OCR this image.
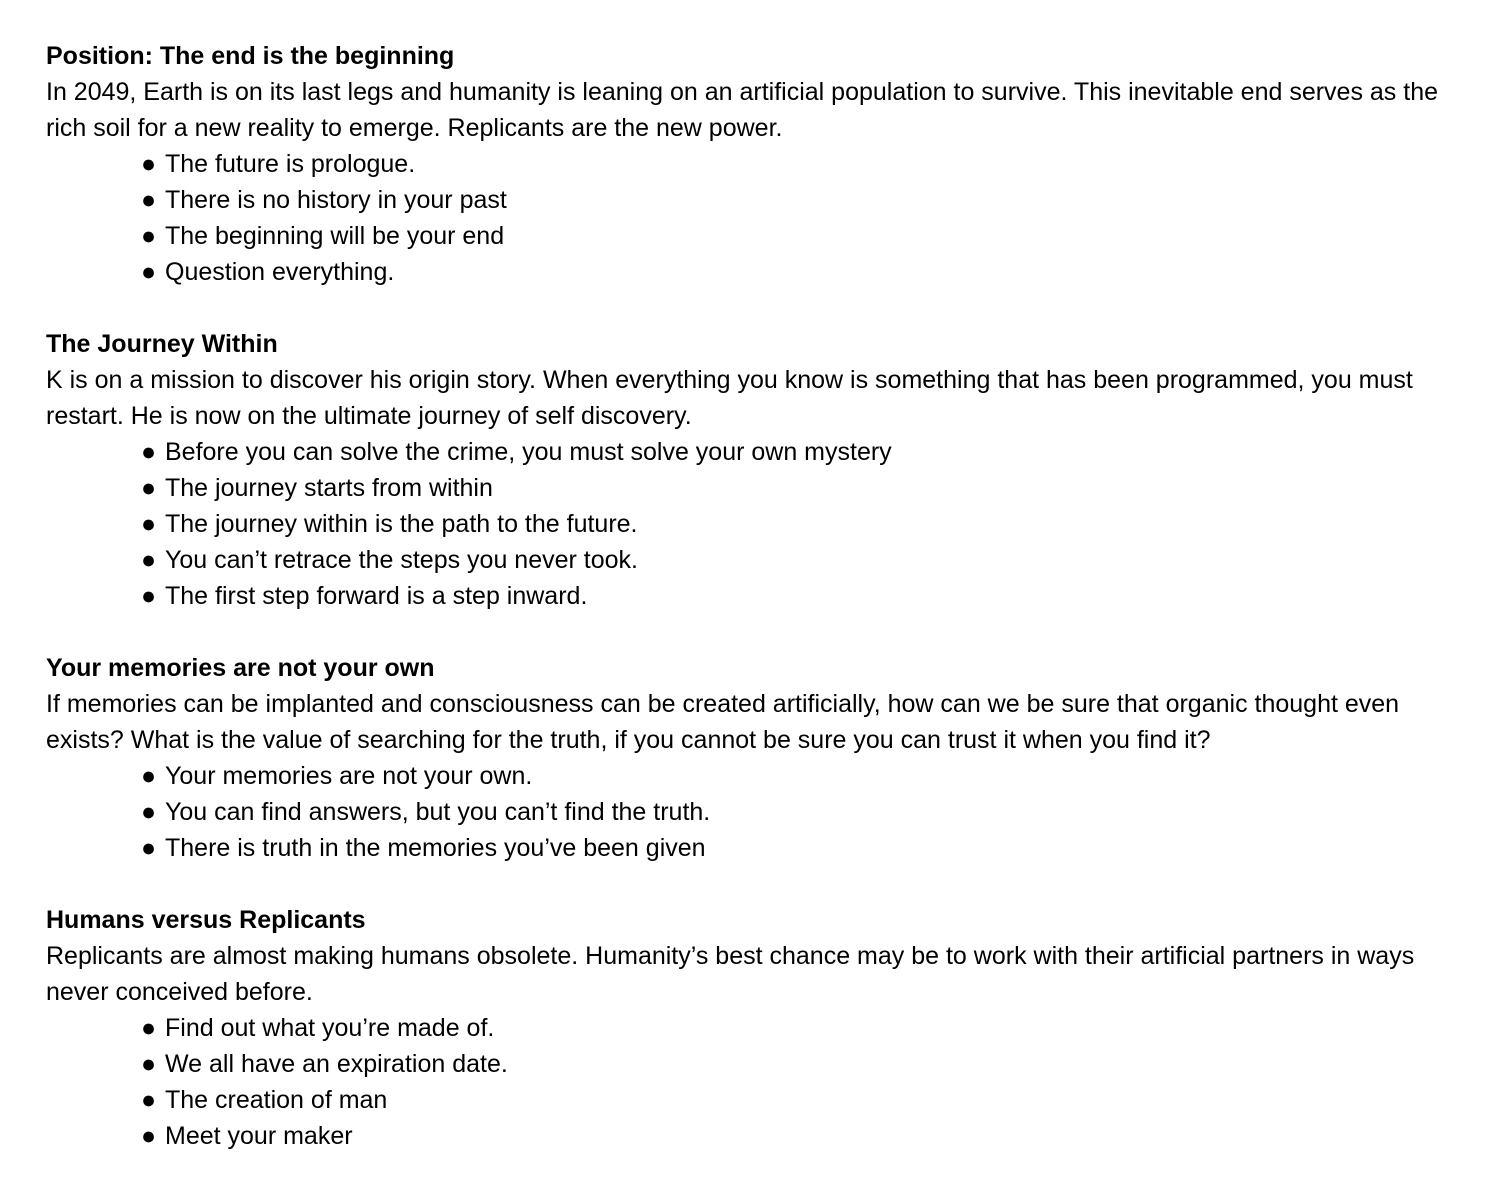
Position: The end is the beginning

In 2049, Earth is on its last legs and humanity is leaning on an artificial population to survive. This inevitable end serves as the rich soil for a new reality to emerge. Replicants are the new power.

● The future is prologue.
● There is no history in your past
● The beginning will be your end
● Question everything.

The Journey Within

K is on a mission to discover his origin story. When everything you know is something that has been programmed, you must restart. He is now on the ultimate journey of self discovery.

● Before you can solve the crime, you must solve your own mystery
● The journey starts from within
● The journey within is the path to the future.
● You can’t retrace the steps you never took.
● The first step forward is a step inward.

Your memories are not your own

If memories can be implanted and consciousness can be created artificially, how can we be sure that organic thought even exists? What is the value of searching for the truth, if you cannot be sure you can trust it when you find it?

● Your memories are not your own.
● You can find answers, but you can’t find the truth.
● There is truth in the memories you’ve been given

Humans versus Replicants

Replicants are almost making humans obsolete. Humanity’s best chance may be to work with their artificial partners in ways never conceived before.

● Find out what you’re made of.
● We all have an expiration date.
● The creation of man
● Meet your maker
